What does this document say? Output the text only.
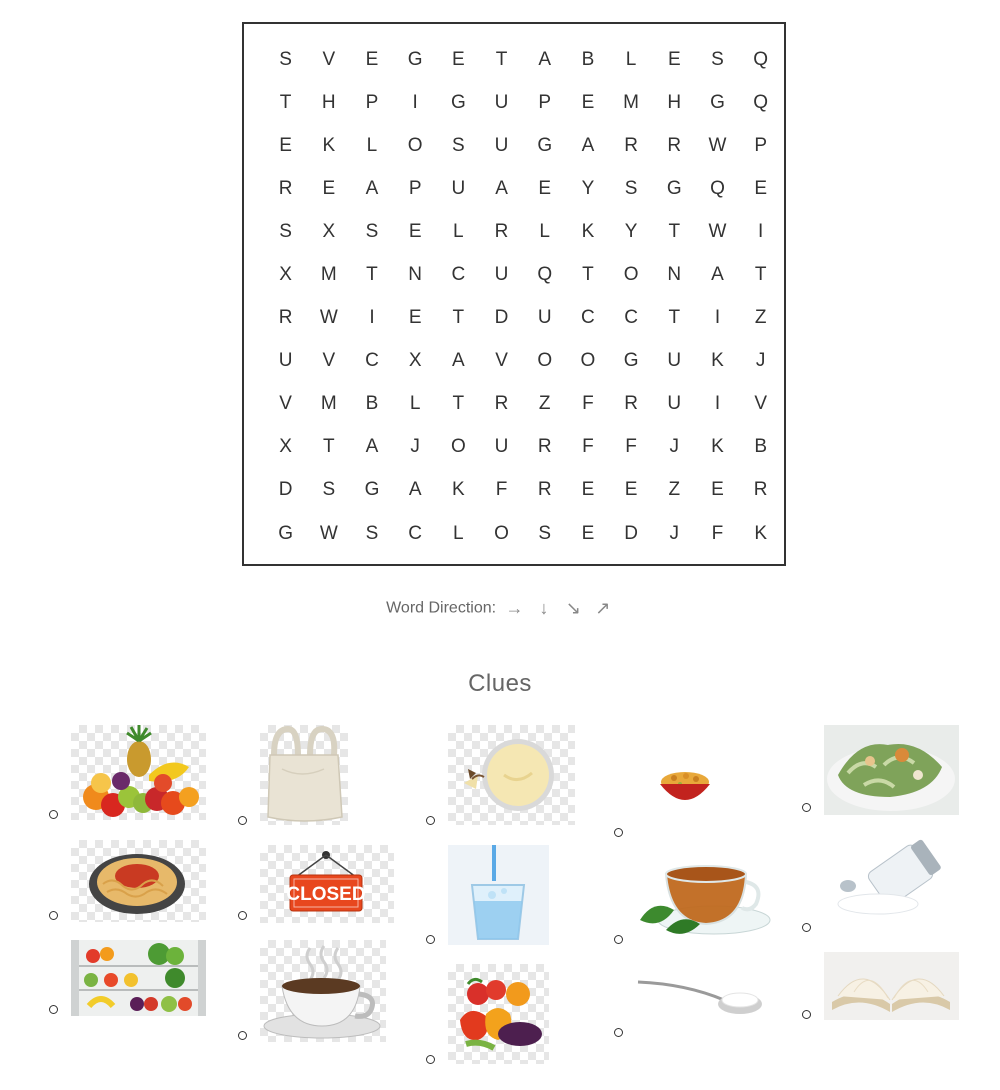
S	V	E	G	E	T	A	B	L	E	S	Q
T	H	P	I	G	U	P	E	M	H	G	Q
E	K	L	O	S	U	G	A	R	R	W	P
R	E	A	P	U	A	E	Y	S	G	Q	E
S	X	S	E	L	R	L	K	Y	T	W	I
X	M	T	N	C	U	Q	T	O	N	A	T
R	W	I	E	T	D	U	C	C	T	I	Z
U	V	C	X	A	V	O	O	G	U	K	J
V	M	B	L	T	R	Z	F	R	U	I	V
X	T	A	J	O	U	R	F	F	J	K	B
D	S	G	A	K	F	R	E	E	Z	E	R
G	W	S	C	L	O	S	E	D	J	F	K
Word Direction: → ↓ ↘ ↗
Clues
CLOSED
